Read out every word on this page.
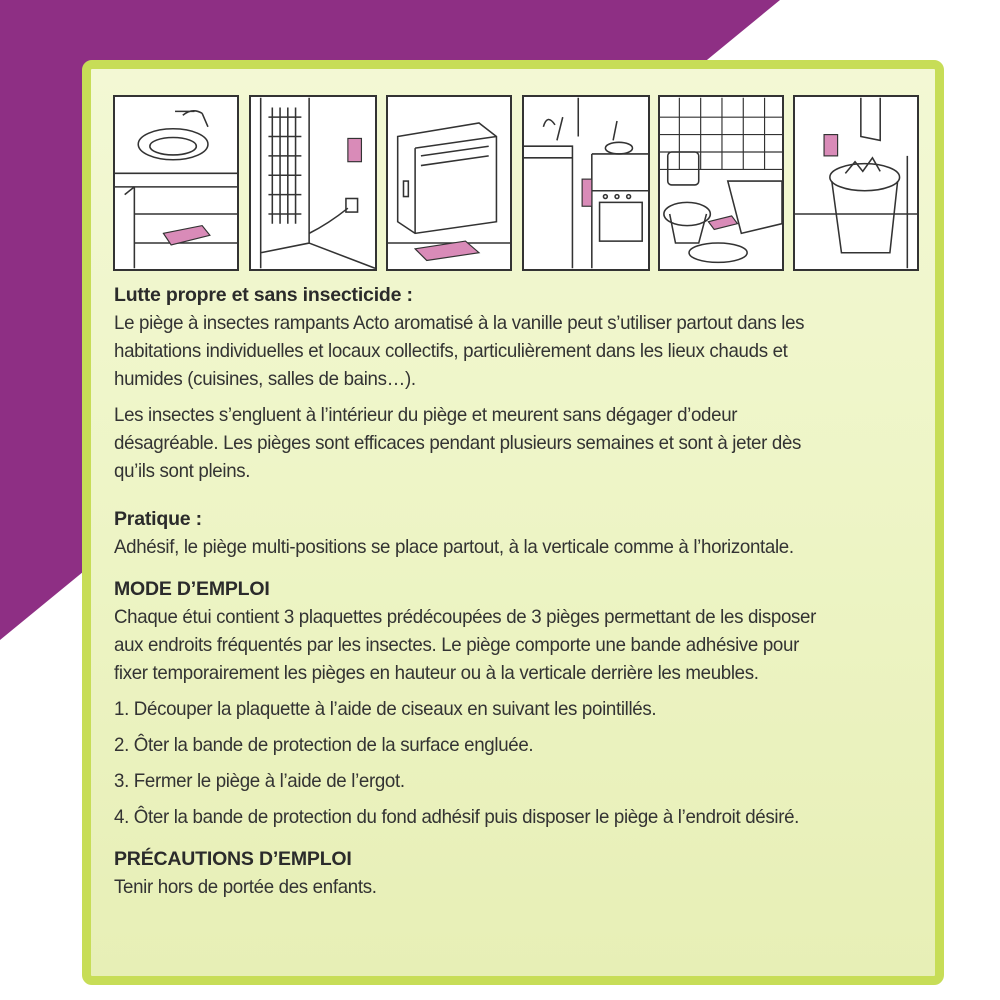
Lutte propre et sans insecticide :

Le piège à insectes rampants Acto aromatisé à la vanille peut s’utiliser partout dans les
habitations individuelles et locaux collectifs, particulièrement dans les lieux chauds et
humides (cuisines, salles de bains…).

Les insectes s’engluent à l’intérieur du piège et meurent sans dégager d’odeur
désagréable. Les pièges sont efficaces pendant plusieurs semaines et sont à jeter dès
qu’ils sont pleins.

Pratique :

Adhésif, le piège multi-positions se place partout, à la verticale comme à l’horizontale.

MODE D’EMPLOI

Chaque étui contient 3 plaquettes prédécoupées de 3 pièges permettant de les disposer
aux endroits fréquentés par les insectes. Le piège comporte une bande adhésive pour
fixer temporairement les pièges en hauteur ou à la verticale derrière les meubles.

1. Découper la plaquette à l’aide de ciseaux en suivant les pointillés.

2. Ôter la bande de protection de la surface engluée.

3. Fermer le piège à l’aide de l’ergot.

4. Ôter la bande de protection du fond adhésif puis disposer le piège à l’endroit désiré.

PRÉCAUTIONS D’EMPLOI

Tenir hors de portée des enfants.
